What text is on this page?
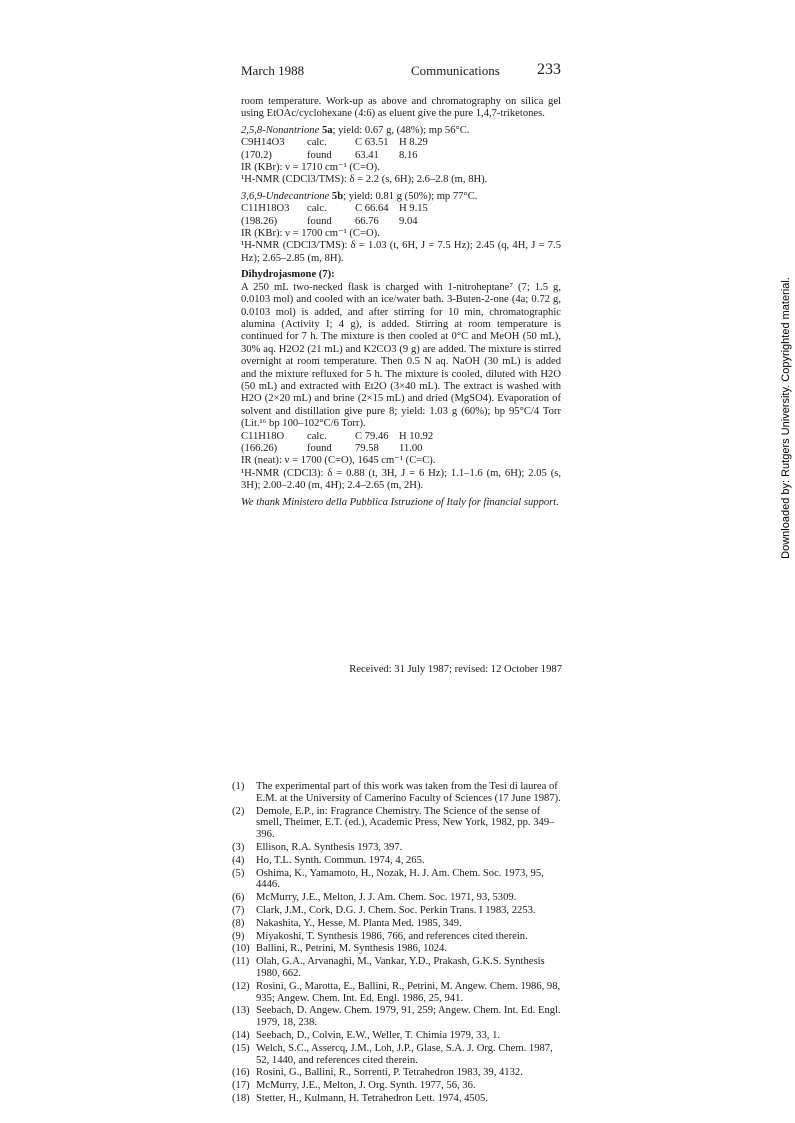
March 1988	Communications 233

room temperature. Work-up as above and chromatography on silica gel using EtOAc/cyclohexane (4:6) as eluent give the pure 1,4,7-triketones.

2,5,8-Nonantrione 5a; yield: 0.67 g, (48%); mp 56°C.

C9H14O3 calc.	C 63.51 H 8.29

(170.2)	found 63.41 8.16

IR (KBr): ν = 1710 cm⁻¹ (C=O).

¹H-NMR (CDCl3/TMS): δ = 2.2 (s, 6H); 2.6–2.8 (m, 8H).

3,6,9-Undecantrione 5b; yield: 0.81 g (50%); mp 77°C.

C11H18O3 calc.	C 66.64 H 9.15

(198.26)	found 66.76 9.04

IR (KBr): ν = 1700 cm⁻¹ (C=O).

¹H-NMR (CDCl3/TMS): δ = 1.03 (t, 6H, J = 7.5 Hz); 2.45 (q, 4H, J = 7.5 Hz); 2.65–2.85 (m, 8H).

Dihydrojasmone (7):

A 250 mL two-necked flask is charged with 1-nitroheptane⁷ (7; 1.5 g, 0.0103 mol) and cooled with an ice/water bath. 3-Buten-2-one (4a; 0.72 g, 0.0103 mol) is added, and after stirring for 10 min, chromatographic alumina (Activity I; 4 g), is added. Stirring at room temperature is continued for 7 h. The mixture is then cooled at 0°C and MeOH (50 mL), 30% aq. H2O2 (21 mL) and K2CO3 (9 g) are added. The mixture is stirred overnight at room temperature. Then 0.5 N aq. NaOH (30 mL) is added and the mixture refluxed for 5 h. The mixture is cooled, diluted with H2O (50 mL) and extracted with Et2O (3×40 mL). The extract is washed with H2O (2×20 mL) and brine (2×15 mL) and dried (MgSO4). Evaporation of solvent and distillation give pure 8; yield: 1.03 g (60%); bp 95°C/4 Torr (Lit.¹⁶ bp 100–102°C/6 Torr).

C11H18O calc.	C 79.46 H 10.92

(166.26)	found 79.58 11.00

IR (neat): ν = 1700 (C=O), 1645 cm⁻¹ (C=C).

¹H-NMR (CDCl3): δ = 0.88 (t, 3H, J = 6 Hz); 1.1–1.6 (m, 6H); 2.05 (s, 3H); 2.00–2.40 (m, 4H); 2.4–2.65 (m, 2H).

We thank Ministero della Pubblica Istruzione of Italy for financial support.

Received: 31 July 1987; revised: 12 October 1987
(1)	The experimental part of this work was taken from the Tesi di laurea of E.M. at the University of Camerino Faculty of Sciences (17 June 1987).
(2)	Demole, E.P., in: Fragrance Chemistry. The Science of the sense of smell, Theimer, E.T. (ed.), Academic Press, New York, 1982, pp. 349–396.
(3)	Ellison, R.A. Synthesis 1973, 397.
(4)	Ho, T.L. Synth. Commun. 1974, 4, 265.
(5)	Oshima, K., Yamamoto, H., Nozak, H. J. Am. Chem. Soc. 1973, 95, 4446.
(6)	McMurry, J.E., Melton, J. J. Am. Chem. Soc. 1971, 93, 5309.
(7)	Clark, J.M., Cork, D.G. J. Chem. Soc. Perkin Trans. I 1983, 2253.
(8)	Nakashita, Y., Hesse, M. Planta Med. 1985, 349.
(9)	Miyakoshi, T. Synthesis 1986, 766, and references cited therein.
(10) Ballini, R., Petrini, M. Synthesis 1986, 1024.
(11) Olah, G.A., Arvanaghi, M., Vankar, Y.D., Prakash, G.K.S. Synthesis 1980, 662.
(12) Rosini, G., Marotta, E., Ballini, R., Petrini, M. Angew. Chem. 1986, 98, 935; Angew. Chem. Int. Ed. Engl. 1986, 25, 941.
(13) Seebach, D. Angew. Chem. 1979, 91, 259; Angew. Chem. Int. Ed. Engl. 1979, 18, 238.
(14) Seebach, D., Colvin, E.W., Weller, T. Chimia 1979, 33, 1.
(15) Welch, S.C., Assercq, J.M., Loh, J.P., Glase, S.A. J. Org. Chem. 1987, 52, 1440, and references cited therein.
(16) Rosini, G., Ballini, R., Sorrenti, P. Tetrahedron 1983, 39, 4132.
(17) McMurry, J.E., Melton, J. Org. Synth. 1977, 56, 36.
(18) Stetter, H., Kulmann, H. Tetrahedron Lett. 1974, 4505.
Downloaded by: Rutgers University. Copyrighted material.
